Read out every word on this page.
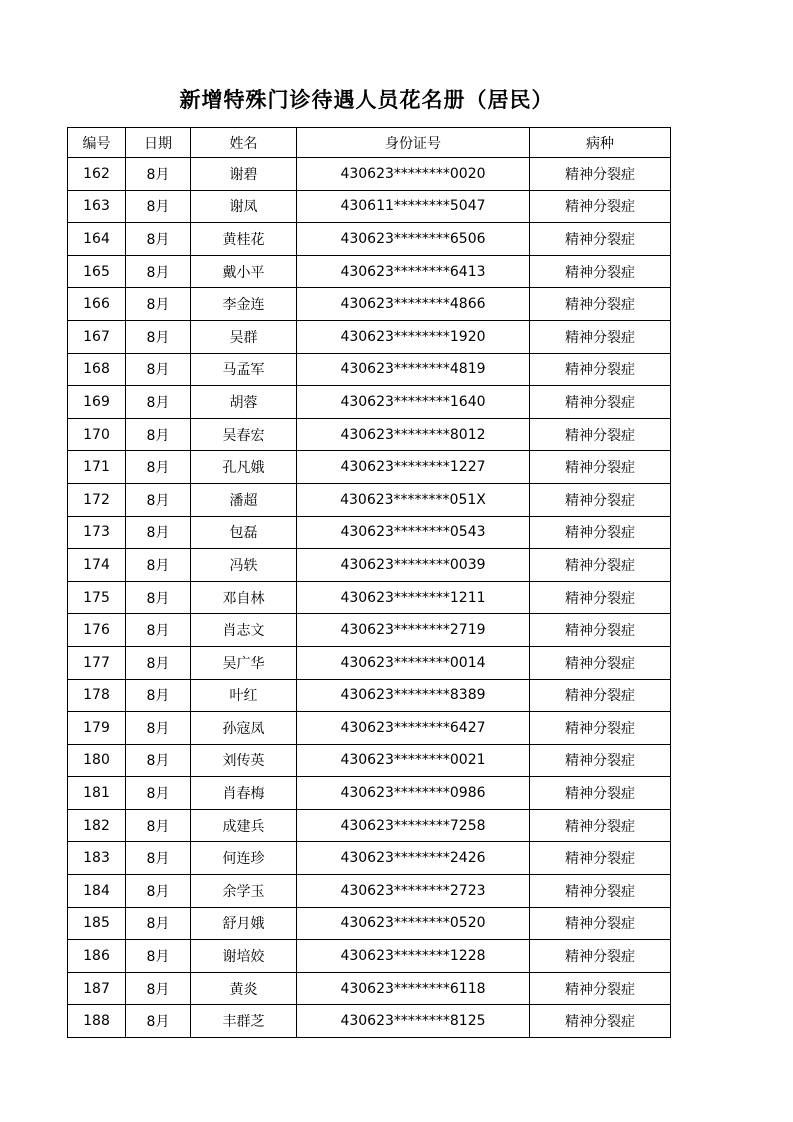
新增特殊门诊待遇人员花名册（居民）
编号	日期	姓名	身份证号	病种
162	8月	谢碧	430623********0020	精神分裂症
163	8月	谢凤	430611********5047	精神分裂症
164	8月	黄桂花	430623********6506	精神分裂症
165	8月	戴小平	430623********6413	精神分裂症
166	8月	李金连	430623********4866	精神分裂症
167	8月	吴群	430623********1920	精神分裂症
168	8月	马孟军	430623********4819	精神分裂症
169	8月	胡蓉	430623********1640	精神分裂症
170	8月	吴春宏	430623********8012	精神分裂症
171	8月	孔凡娥	430623********1227	精神分裂症
172	8月	潘超	430623********051X	精神分裂症
173	8月	包磊	430623********0543	精神分裂症
174	8月	冯轶	430623********0039	精神分裂症
175	8月	邓自林	430623********1211	精神分裂症
176	8月	肖志文	430623********2719	精神分裂症
177	8月	吴广华	430623********0014	精神分裂症
178	8月	叶红	430623********8389	精神分裂症
179	8月	孙寇凤	430623********6427	精神分裂症
180	8月	刘传英	430623********0021	精神分裂症
181	8月	肖春梅	430623********0986	精神分裂症
182	8月	成建兵	430623********7258	精神分裂症
183	8月	何连珍	430623********2426	精神分裂症
184	8月	余学玉	430623********2723	精神分裂症
185	8月	舒月娥	430623********0520	精神分裂症
186	8月	谢培姣	430623********1228	精神分裂症
187	8月	黄炎	430623********6118	精神分裂症
188	8月	丰群芝	430623********8125	精神分裂症
